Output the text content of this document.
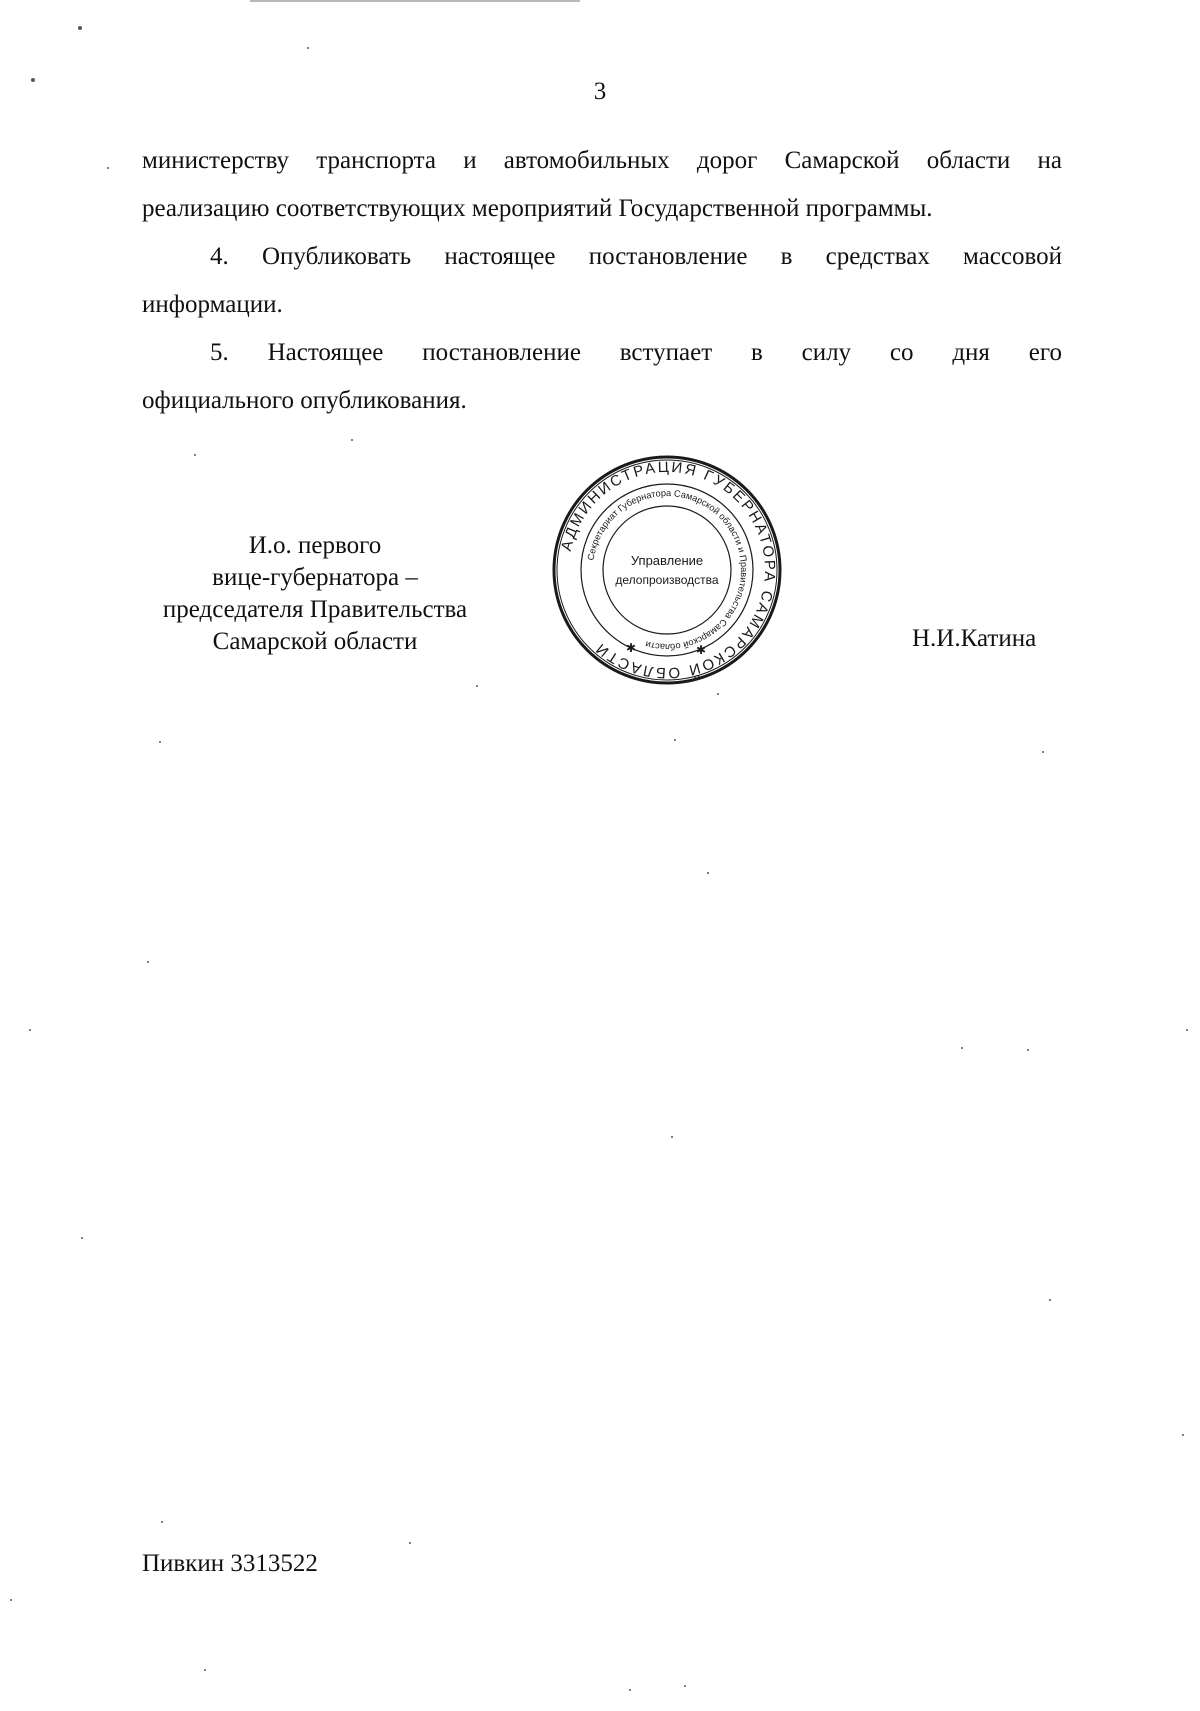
3
министерству транспорта и автомобильных дорог Самарской области на
реализацию соответствующих мероприятий Государственной программы.
4. Опубликовать настоящее постановление в средствах массовой
информации.
5. Настоящее постановление вступает в силу со дня его
официального опубликования.
И.о. первого
вице-губернатора –
председателя Правительства
Самарской области
АДМИНИСТРАЦИЯ ГУБЕРНАТОРА САМАРСКОЙ ОБЛАСТИ
Секретариат Губернатора Самарской области и Правительства Самарской области
Управление
делопроизводства
✱	✱	Н.И.Катина
Пивкин 3313522
